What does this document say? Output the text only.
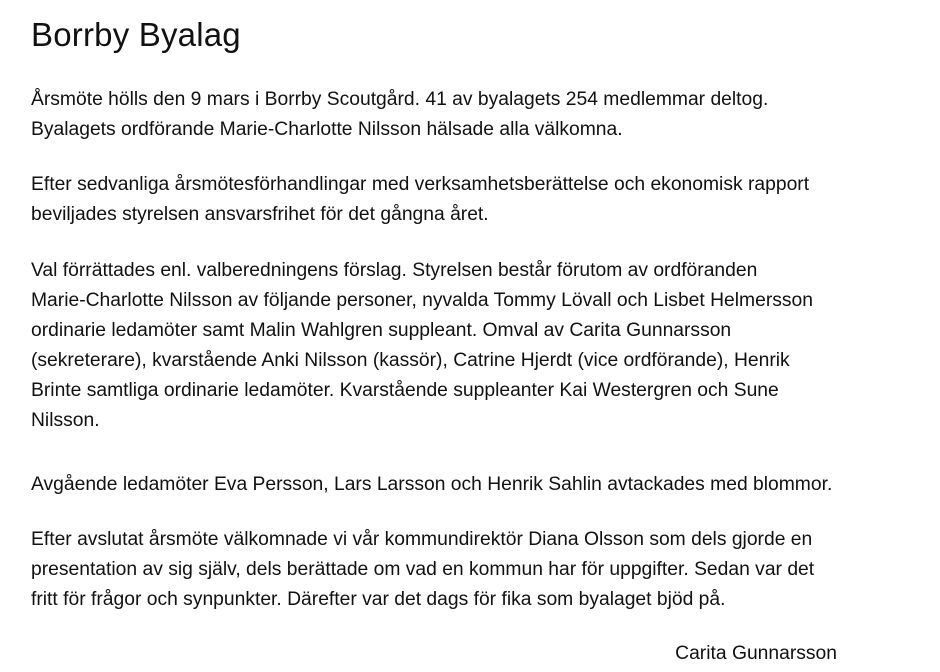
Borrby Byalag

Årsmöte hölls den 9 mars i Borrby Scoutgård. 41 av byalagets 254 medlemmar deltog.
Byalagets ordförande Marie-Charlotte Nilsson hälsade alla välkomna.

Efter sedvanliga årsmötesförhandlingar med verksamhetsberättelse och ekonomisk rapport
beviljades styrelsen ansvarsfrihet för det gångna året.

Val förrättades enl. valberedningens förslag. Styrelsen består förutom av ordföranden
Marie-Charlotte Nilsson av följande personer, nyvalda Tommy Lövall och Lisbet Helmersson
ordinarie ledamöter samt Malin Wahlgren suppleant. Omval av Carita Gunnarsson
(sekreterare), kvarstående Anki Nilsson (kassör), Catrine Hjerdt (vice ordförande), Henrik
Brinte samtliga ordinarie ledamöter. Kvarstående suppleanter Kai Westergren och Sune
Nilsson.

Avgående ledamöter Eva Persson, Lars Larsson och Henrik Sahlin avtackades med blommor.

Efter avslutat årsmöte välkomnade vi vår kommundirektör Diana Olsson som dels gjorde en
presentation av sig själv, dels berättade om vad en kommun har för uppgifter. Sedan var det
fritt för frågor och synpunkter. Därefter var det dags för fika som byalaget bjöd på.

Carita Gunnarsson
